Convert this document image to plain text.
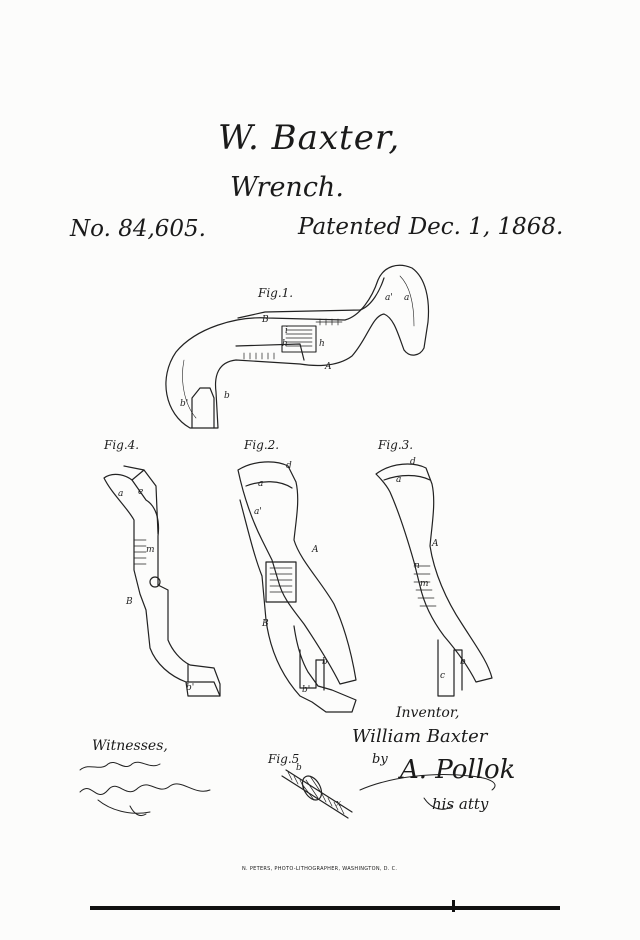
W. Baxter,
Wrench.
No. 84,605.	Patented Dec. 1, 1868.
B
i
h	h
A
b'
b
a' a
a e
m
B
b'
a
d
a'
A
B
b
b'
a
d
A
n
m
c
b
b
x
Fig.1.
Fig.4.	Fig.2.	Fig.3.
Fig.5
Witnesses,
Inventor,
William Baxter
by A. Pollok
his atty
N. PETERS, PHOTO-LITHOGRAPHER, WASHINGTON, D. C.
